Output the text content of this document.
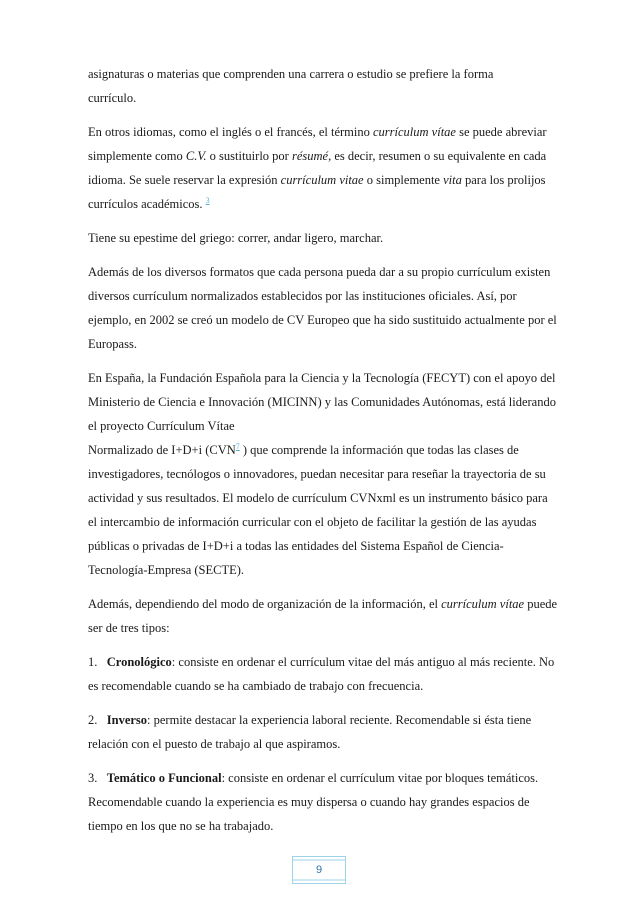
asignaturas o materias que comprenden una carrera o estudio se prefiere la forma
currículo.

En otros idiomas, como el inglés o el francés, el término currículum vítae se puede abreviar simplemente como C.V. o sustituirlo por résumé, es decir, resumen o su equivalente en cada idioma. Se suele reservar la expresión currículum vitae o simplemente vita para los prolijos currículos académicos. $^3$

Tiene su epestime del griego: correr, andar ligero, marchar.

Además de los diversos formatos que cada persona pueda dar a su propio currículum existen diversos currículum normalizados establecidos por las instituciones oficiales. Así, por ejemplo, en 2002 se creó un modelo de CV Europeo que ha sido sustituido actualmente por el Europass.

En España, la Fundación Española para la Ciencia y la Tecnología (FECYT) con el apoyo del Ministerio de Ciencia e Innovación (MICINN) y las Comunidades Autónomas, está liderando el proyecto Currículum Vítae
Normalizado de I+D+i (CVN$^7$ ) que comprende la información que todas las clases de investigadores, tecnólogos o innovadores, puedan necesitar para reseñar la trayectoria de su actividad y sus resultados. El modelo de currículum CVNxml es un instrumento básico para el intercambio de información curricular con el objeto de facilitar la gestión de las ayudas públicas o privadas de I+D+i a todas las entidades del Sistema Español de Ciencia-Tecnología-Empresa (SECTE).

Además, dependiendo del modo de organización de la información, el currículum vítae puede ser de tres tipos:

1. Cronológico: consiste en ordenar el currículum vitae del más antiguo al más reciente. No es recomendable cuando se ha cambiado de trabajo con frecuencia.

2. Inverso: permite destacar la experiencia laboral reciente. Recomendable si ésta tiene relación con el puesto de trabajo al que aspiramos.

3. Temático o Funcional: consiste en ordenar el currículum vitae por bloques temáticos. Recomendable cuando la experiencia es muy dispersa o cuando hay grandes espacios de tiempo en los que no se ha trabajado.

9
